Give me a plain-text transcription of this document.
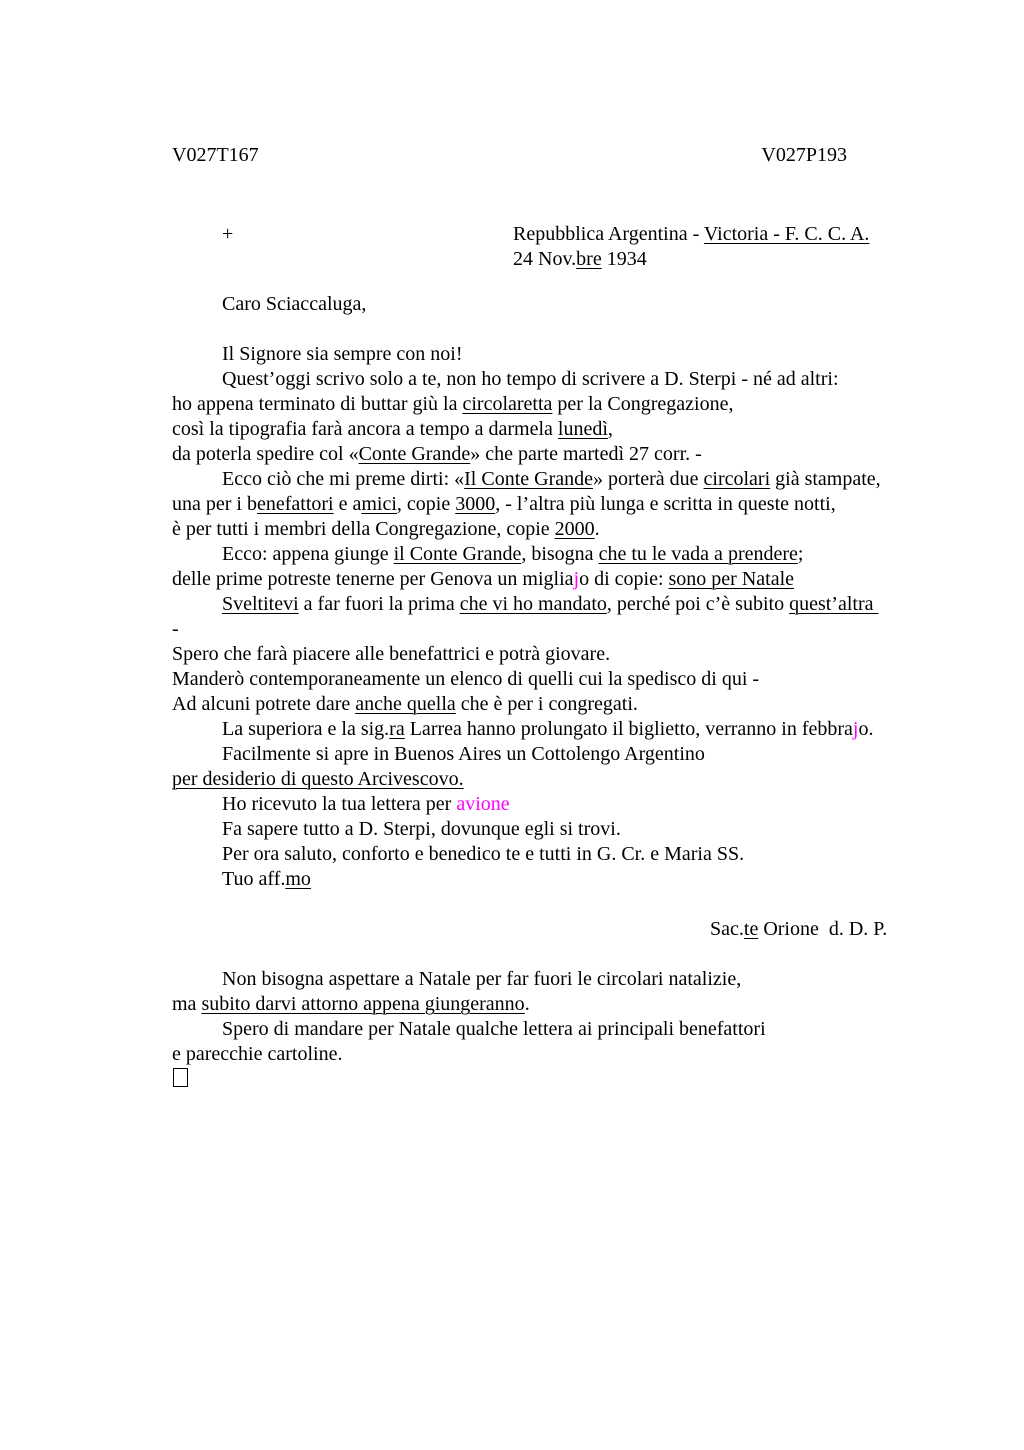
V027T167	V027P193
+	Repubblica Argentina - Victoria - F. C. C. A.
24 Nov.bre 1934
Caro Sciaccaluga,
Il Signore sia sempre con noi!
Quest’oggi scrivo solo a te, non ho tempo di scrivere a D. Sterpi - né ad altri:
ho appena terminato di buttar giù la circolaretta per la Congregazione,
così la tipografia farà ancora a tempo a darmela lunedì,
da poterla spedire col «Conte Grande» che parte martedì 27 corr. -
Ecco ciò che mi preme dirti: «Il Conte Grande» porterà due circolari già stampate,
una per i benefattori e amici, copie 3000, - l’altra più lunga e scritta in queste notti,
è per tutti i membri della Congregazione, copie 2000.
Ecco: appena giunge il Conte Grande, bisogna che tu le vada a prendere;
delle prime potreste tenerne per Genova un migliajo di copie: sono per Natale
Sveltitevi a far fuori la prima che vi ho mandato, perché poi c’è subito quest’altra
-
Spero che farà piacere alle benefattrici e potrà giovare.
Manderò contemporaneamente un elenco di quelli cui la spedisco di qui -
Ad alcuni potrete dare anche quella che è per i congregati.
La superiora e la sig.ra Larrea hanno prolungato il biglietto, verranno in febbrajo.
Facilmente si apre in Buenos Aires un Cottolengo Argentino
per desiderio di questo Arcivescovo.
Ho ricevuto la tua lettera per avione
Fa sapere tutto a D. Sterpi, dovunque egli si trovi.
Per ora saluto, conforto e benedico te e tutti in G. Cr. e Maria SS.
Tuo aff.mo
Sac.te Orione  d. D. P.
Non bisogna aspettare a Natale per far fuori le circolari natalizie,
ma subito darvi attorno appena giungeranno.
Spero di mandare per Natale qualche lettera ai principali benefattori
e parecchie cartoline.
